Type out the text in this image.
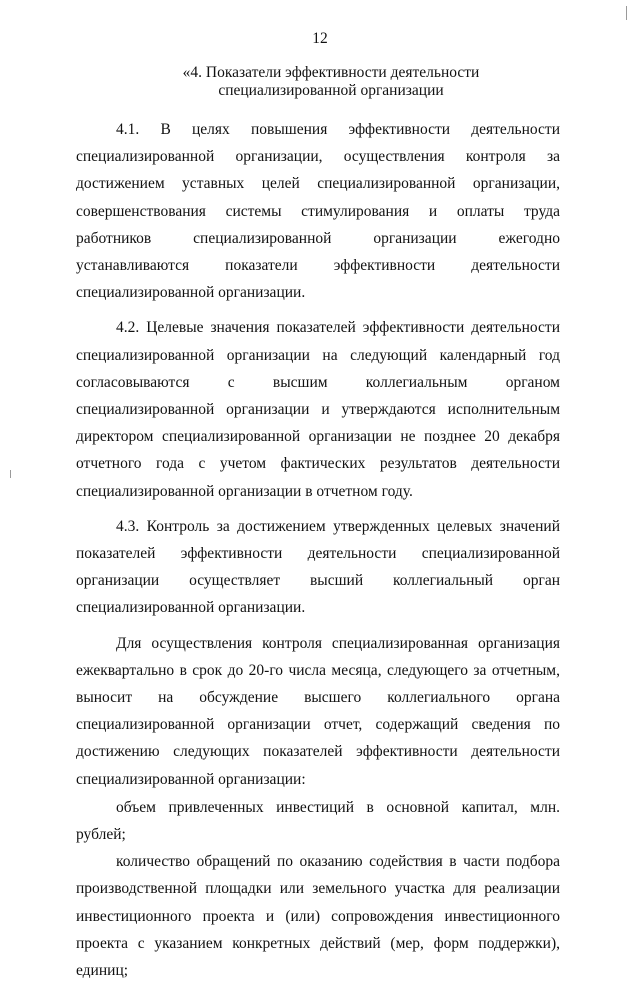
12
«4. Показатели эффективности деятельности специализированной организации

4.1. В целях повышения эффективности деятельности специализированной организации, осуществления контроля за достижением уставных целей специализированной организации, совершенствования системы стимулирования и оплаты труда работников специализированной организации ежегодно устанавливаются показатели эффективности деятельности специализированной организации.

4.2. Целевые значения показателей эффективности деятельности специализированной организации на следующий календарный год согласовываются с высшим коллегиальным органом специализированной организации и утверждаются исполнительным директором специализированной организации не позднее 20 декабря отчетного года с учетом фактических результатов деятельности специализированной организации в отчетном году.

4.3. Контроль за достижением утвержденных целевых значений показателей эффективности деятельности специализированной организации осуществляет высший коллегиальный орган специализированной организации.

Для осуществления контроля специализированная организация ежеквартально в срок до 20-го числа месяца, следующего за отчетным, выносит на обсуждение высшего коллегиального органа специализированной организации отчет, содержащий сведения по достижению следующих показателей эффективности деятельности специализированной организации:

объем привлеченных инвестиций в основной капитал, млн. рублей;

количество обращений по оказанию содействия в части подбора производственной площадки или земельного участка для реализации инвестиционного проекта и (или) сопровождения инвестиционного проекта с указанием конкретных действий (мер, форм поддержки), единиц;
